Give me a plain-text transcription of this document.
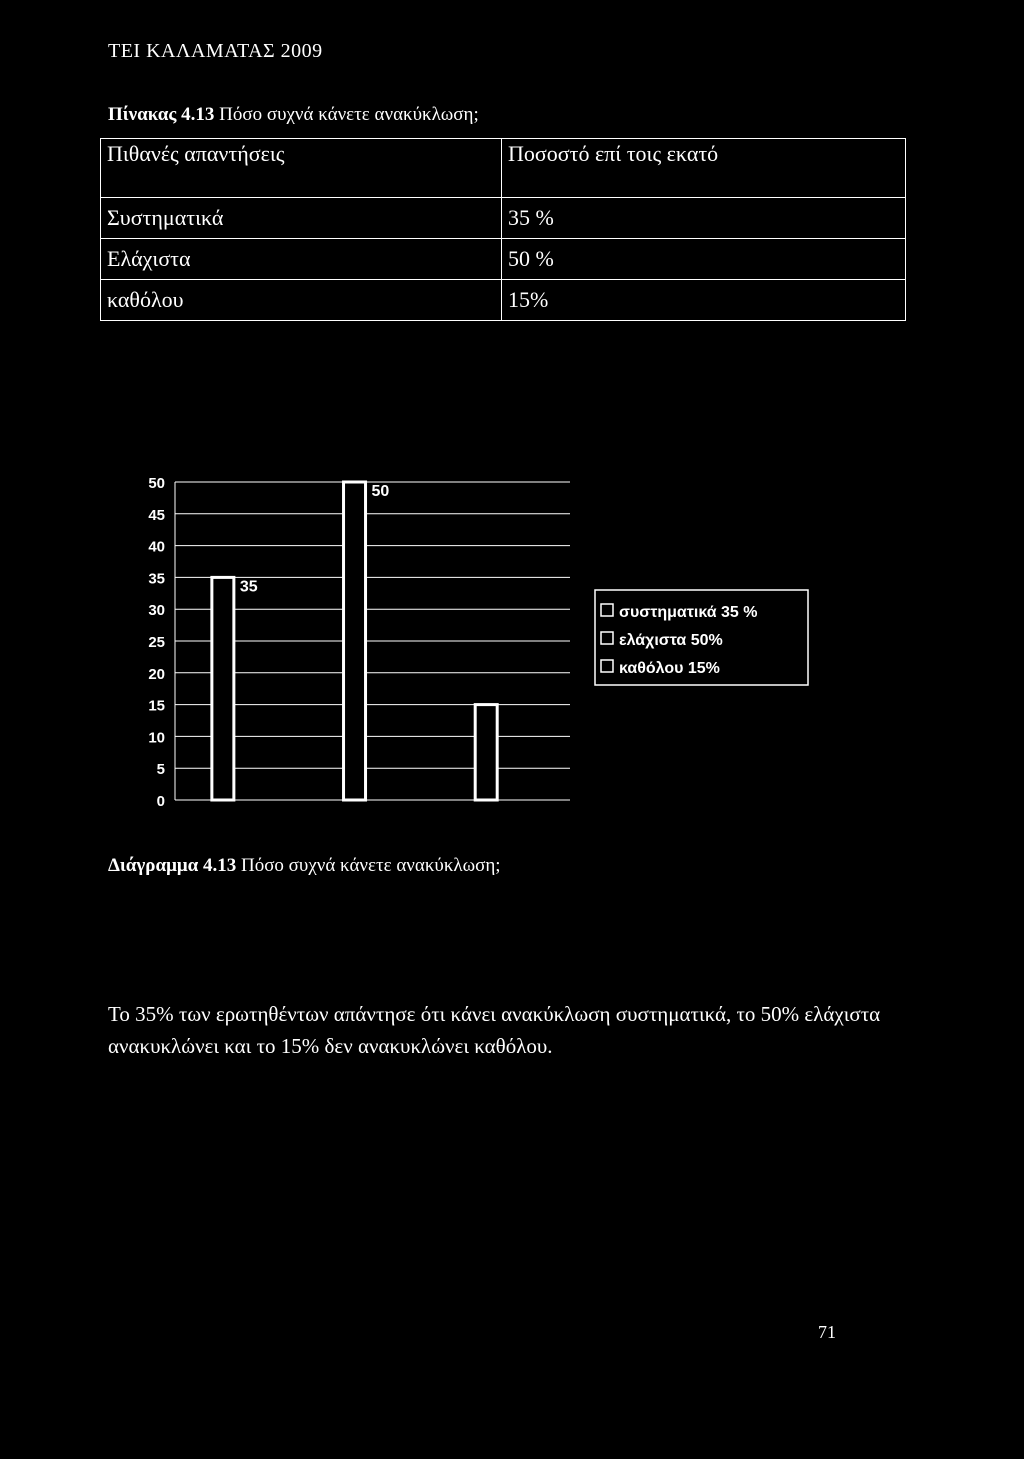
ΤΕΙ ΚΑΛΑΜΑΤΑΣ 2009
Πίνακας 4.13 Πόσο συχνά κάνετε ανακύκλωση;
Πιθανές απαντήσεις	Ποσοστό επί τοις εκατό
Συστηματικά	35 %
Ελάχιστα	50 %
καθόλου	15%
0
5
10
15
20
25
30
35
40
45
50
35
50
συστηματικά 35 %
ελάχιστα 50%
καθόλου 15%
Διάγραμμα 4.13 Πόσο συχνά κάνετε ανακύκλωση;
Το 35% των ερωτηθέντων απάντησε ότι κάνει ανακύκλωση συστηματικά, το 50% ελάχιστα ανακυκλώνει και το 15% δεν ανακυκλώνει καθόλου.
71
